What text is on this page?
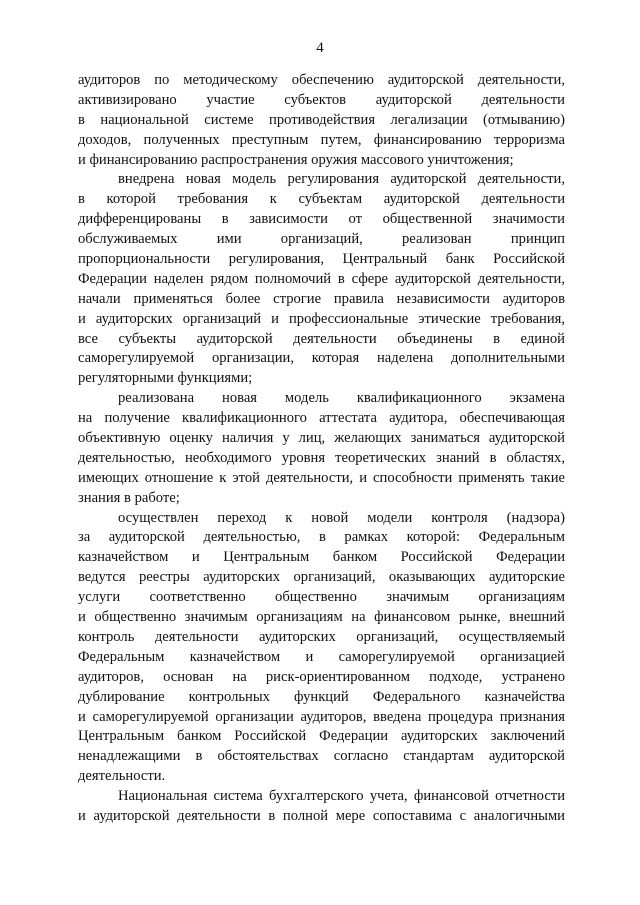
4
аудиторов по методическому обеспечению аудиторской деятельности,
активизировано участие субъектов аудиторской деятельности
в национальной системе противодействия легализации (отмыванию)
доходов, полученных преступным путем, финансированию терроризма
и финансированию распространения оружия массового уничтожения;
внедрена новая модель регулирования аудиторской деятельности,
в которой требования к субъектам аудиторской деятельности
дифференцированы в зависимости от общественной значимости
обслуживаемых ими организаций, реализован принцип
пропорциональности регулирования, Центральный банк Российской
Федерации наделен рядом полномочий в сфере аудиторской деятельности,
начали применяться более строгие правила независимости аудиторов
и аудиторских организаций и профессиональные этические требования,
все субъекты аудиторской деятельности объединены в единой
саморегулируемой организации, которая наделена дополнительными
регуляторными функциями;
реализована новая модель квалификационного экзамена
на получение квалификационного аттестата аудитора, обеспечивающая
объективную оценку наличия у лиц, желающих заниматься аудиторской
деятельностью, необходимого уровня теоретических знаний в областях,
имеющих отношение к этой деятельности, и способности применять такие
знания в работе;
осуществлен переход к новой модели контроля (надзора)
за аудиторской деятельностью, в рамках которой: Федеральным
казначейством и Центральным банком Российской Федерации
ведутся реестры аудиторских организаций, оказывающих аудиторские
услуги соответственно общественно значимым организациям
и общественно значимым организациям на финансовом рынке, внешний
контроль деятельности аудиторских организаций, осуществляемый
Федеральным казначейством и саморегулируемой организацией
аудиторов, основан на риск-ориентированном подходе, устранено
дублирование контрольных функций Федерального казначейства
и саморегулируемой организации аудиторов, введена процедура признания
Центральным банком Российской Федерации аудиторских заключений
ненадлежащими в обстоятельствах согласно стандартам аудиторской
деятельности.
Национальная система бухгалтерского учета, финансовой отчетности
и аудиторской деятельности в полной мере сопоставима с аналогичными
